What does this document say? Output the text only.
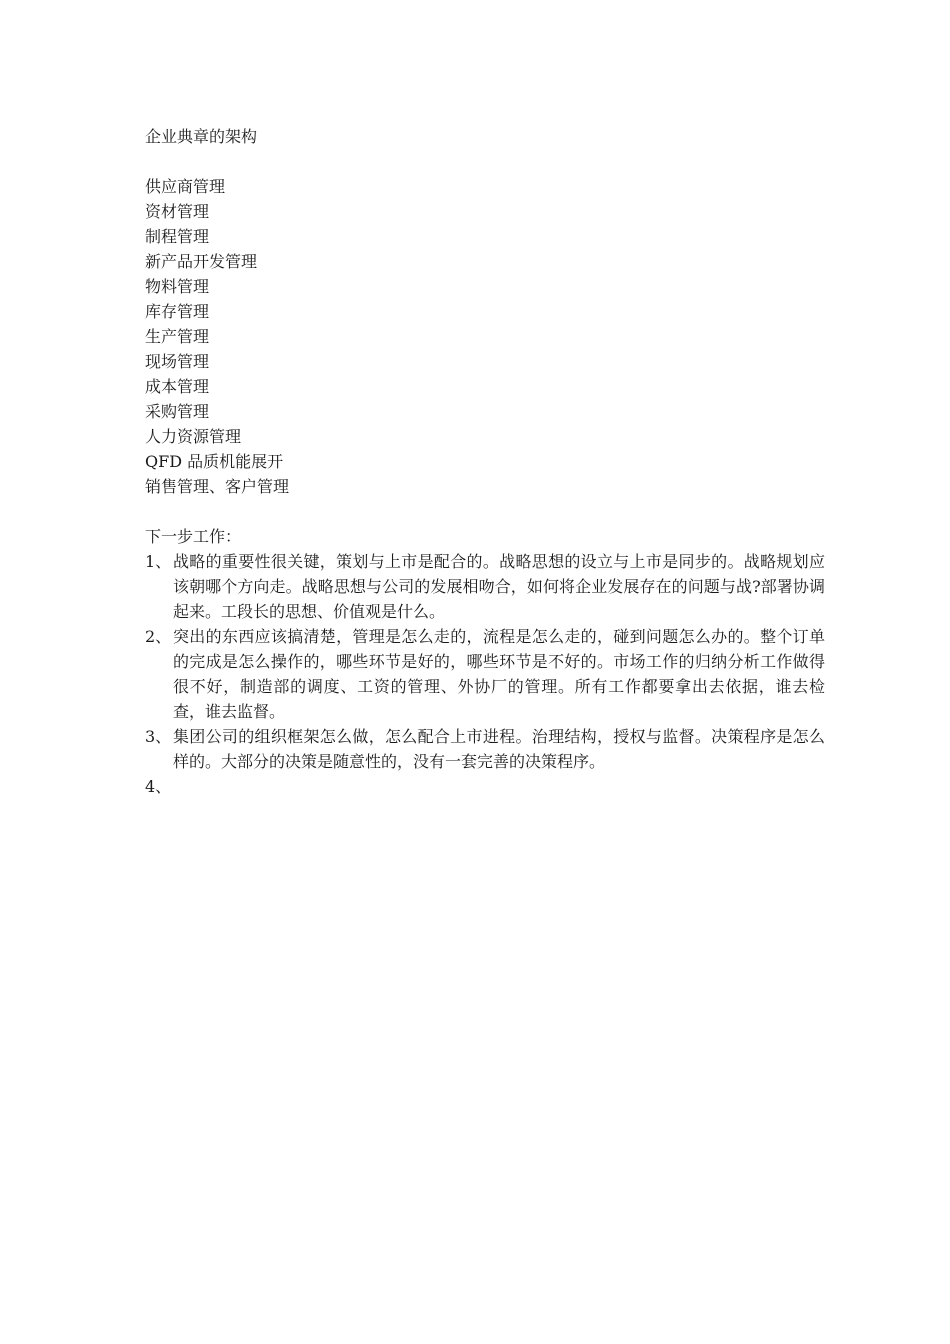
企业典章的架构
供应商管理
资材管理
制程管理
新产品开发管理
物料管理
库存管理
生产管理
现场管理
成本管理
采购管理
人力资源管理
QFD 品质机能展开
销售管理、客户管理
下一步工作：
1、 战略的重要性很关键，策划与上市是配合的。战略思想的设立与上市是同步的。战略规划应该朝哪个方向走。战略思想与公司的发展相吻合，如何将企业发展存在的问题与战?部署协调起来。工段长的思想、价值观是什么。
2、 突出的东西应该搞清楚，管理是怎么走的，流程是怎么走的，碰到问题怎么办的。整个订单的完成是怎么操作的，哪些环节是好的，哪些环节是不好的。市场工作的归纳分析工作做得很不好，制造部的调度、工资的管理、外协厂的管理。所有工作都要拿出去依据，谁去检查，谁去监督。
3、 集团公司的组织框架怎么做，怎么配合上市进程。治理结构，授权与监督。决策程序是怎么样的。大部分的决策是随意性的，没有一套完善的决策程序。
4、
